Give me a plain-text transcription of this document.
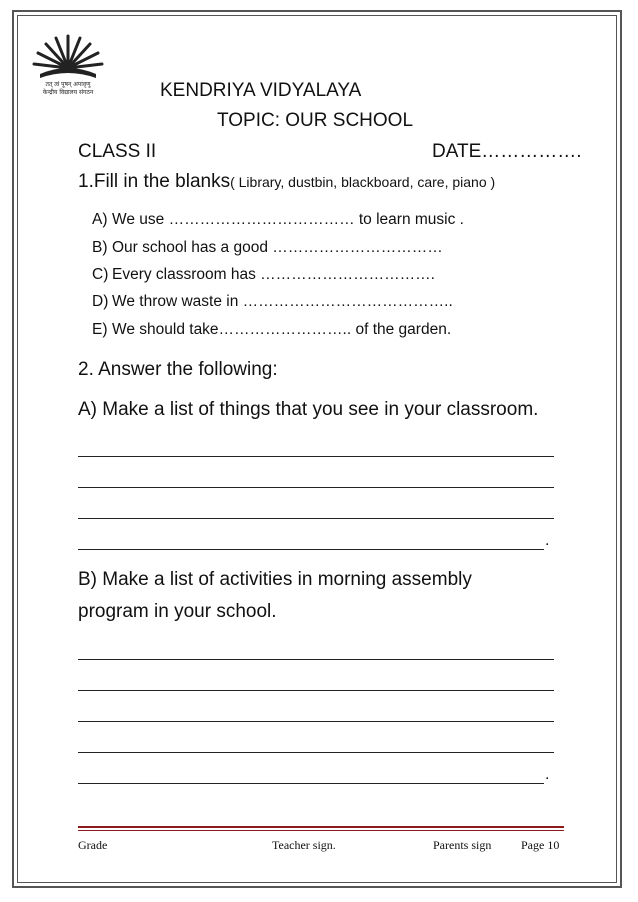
तत् त्वं पूषन् अपावृणु
केन्द्रीय विद्यालय संगठन	KENDRIYA VIDYALAYA
TOPIC: OUR SCHOOL
CLASS II	DATE…………….
1.Fill in the blanks( Library, dustbin, blackboard, care, piano )
A) We use ……………………………… to learn music .
B) Our school has a good ……………………………
C) Every classroom has …………………………….
D) We throw waste in …………………………………..
E) We should take…………………….. of the garden.
2. Answer the following:
A) Make a list of things that you see in your classroom.
.
B) Make a list of activities in morning assembly
program in your school.
.
Grade	Teacher sign.	Parents sign Page 10
